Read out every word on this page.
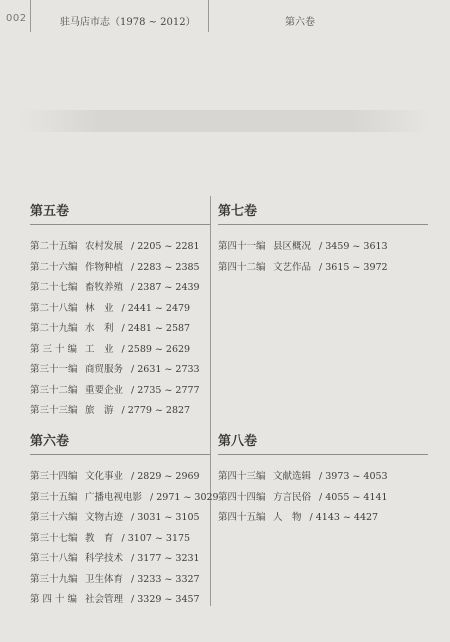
002	驻马店市志（1978 ~ 2012）	第六卷
第五卷
第二十五编 农村发展 / 2205 ~ 2281
第二十六编 作物种植 / 2283 ~ 2385
第二十七编 畜牧养殖 / 2387 ~ 2439
第二十八编 林　业 / 2441 ~ 2479
第二十九编 水　利 / 2481 ~ 2587
第 三 十 编 工　业 / 2589 ~ 2629
第三十一编 商贸服务 / 2631 ~ 2733
第三十二编 重要企业 / 2735 ~ 2777
第三十三编 旅　游 / 2779 ~ 2827
第六卷
第三十四编 文化事业 / 2829 ~ 2969
第三十五编 广播电视电影 / 2971 ~ 3029
第三十六编 文物古迹 / 3031 ~ 3105
第三十七编 教　育 / 3107 ~ 3175
第三十八编 科学技术 / 3177 ~ 3231
第三十九编 卫生体育 / 3233 ~ 3327
第 四 十 编 社会管理 / 3329 ~ 3457
第七卷
第四十一编 县区概况 / 3459 ~ 3613
第四十二编 文艺作品 / 3615 ~ 3972
第八卷
第四十三编 文献选辑 / 3973 ~ 4053
第四十四编 方言民俗 / 4055 ~ 4141
第四十五编 人　物 / 4143 ~ 4427
